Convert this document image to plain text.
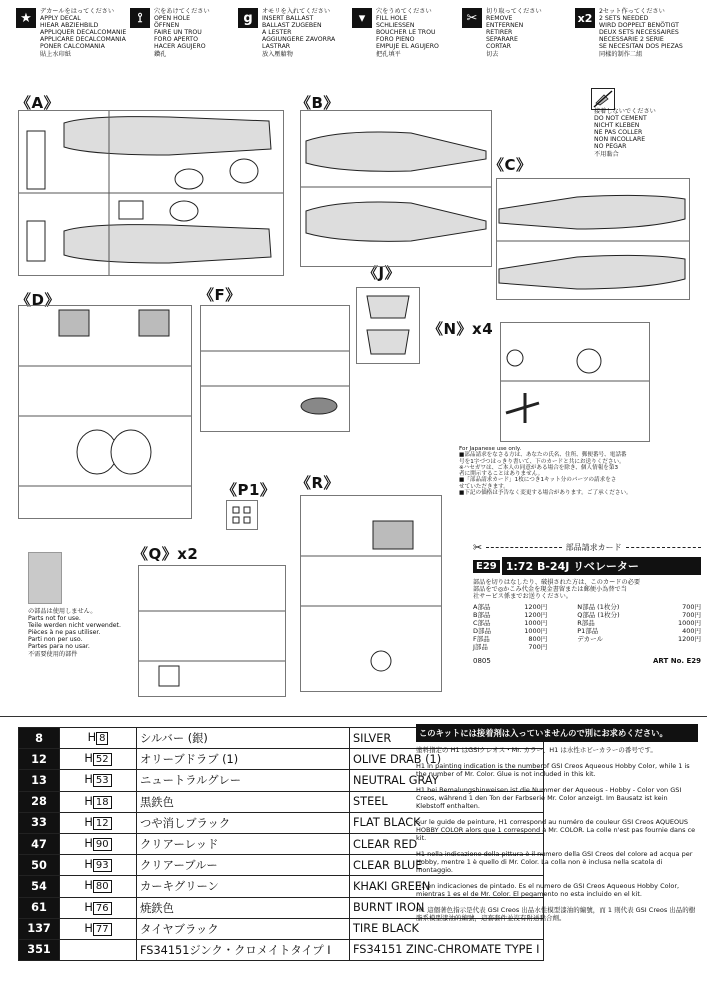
★	デカールをはってください
APPLY DECAL
HIEAR ABZIEHBILD
APPLIQUER DECALCOMANIE
APPLICARE DECALCOMANIA
PONER CALCOMANIA
貼上水印紙
⟟	穴をあけてください
OPEN HOLE
ÖFFNEN
FAIRE UN TROU
FORO APERTO
HACER AGUJERO
鑽孔
g	オモリを入れてください
INSERT BALLAST
BALLAST ZUGEBEN
A LESTER
AGGIUNGERE ZAVORRA
LASTRAR
放入壓艙物
▾	穴をうめてください
FILL HOLE
SCHLIESSEN
BOUCHER LE TROU
FORO PIENO
EMPUJE EL AGUJERO
把孔填平
✂	切り取ってください
REMOVE
ENTFERNEN
RETIRER
SEPARARE
CORTAR
切去
x2	2セット作ってください
2 SETS NEEDED
WIRD DOPPELT BENÖTIGT
DEUX SETS NECESSAIRES
NECESSARIE 2 SERIE
SE NECESITAN DOS PIEZAS
同樣的制作二組
接着しないでください
DO NOT CEMENT
NICHT KLEBEN
NE PAS COLLER
NON INCOLLARE
NO PEGAR
不用黏合
《A》	《B》
《C》
《D》	《F》
《J》
《N》x4
《P1》 《R》
《Q》x2
の部品は使用しません。
Parts not for use.
Teile werden nicht verwendet.
Pièces à ne pas utiliser.
Parti non per uso.
Partes para no usar.
不需要使用的部件
For Japanese use only.
■部品請求をなさる方は、あなたの氏名、住所、郵便番号、電話番
号を1字づつはっきり書いて、下のカードと共にお送りください。
※ハセガワは、ご本人の同意がある場合を除き、個人情報を第3
者に開示することはありません。
■「部品請求カード」1枚につき1キット分のパーツの請求をさ
せていただきます。
■下記の価格は予告なく変更する場合があります。ご了承ください。
✂	部品請求カード
E29 1:72 B-24J リベレーター
部品を切りはなしたり、破損された方は、このカードの必要
部品をで◎かこみ代金を現金書留または郵便小為替で当
社サービス係までお送りください。
A部品	1200円
B部品	1200円
C部品	1000円
D部品	1000円
F部品	800円
J部品	700円
N部品 (1枚分)	700円
Q部品 (1枚分)	700円
R部品	1000円
P1部品	400円
デカール	1200円
0805	ART No. E29
8	H 8	シルバー (銀)	SILVER
12	H 52	オリーブドラブ (1)	OLIVE DRAB (1)
13	H 53	ニュートラルグレー	NEUTRAL GRAY
28	H 18	黒鉄色	STEEL
33	H 12	つや消しブラック	FLAT BLACK
47	H 90	クリアーレッド	CLEAR RED
50	H 93	クリアーブルー	CLEAR BLUE
54	H 80	カーキグリーン	KHAKI GREEN
61	H 76	焼鉄色	BURNT IRON
137	H 77	タイヤブラック	TIRE BLACK
351		FS34151ジンク・クロメイトタイプ I	FS34151 ZINC-CHROMATE TYPE I
このキットには接着剤は入っていませんので別にお求めください。
塗料指定の H1 はGSIクレオス・Mr. カラー、H1 は水性ホビーカラーの番号です。
H1 in painting indication is the numberof GSI Creos Aqueous Hobby Color, while 1 is the number of Mr. Color. Glue is not included in this kit.
H1 bei Bemalungshinweisen ist die Nummer der Aqueous - Hobby - Color von GSI Creos, während 1 den Ton der Farbserie Mr. Color anzeigt. Im Bausatz ist kein Klebstoff enthalten.
Sur le guide de peinture, H1 correspond au numéro de couleur GSI Creos AQUEOUS HOBBY COLOR alors que 1 correspond à Mr. COLOR. La colle n'est pas fournie dans ce kit.
H1 nella indicazione della pittura è il numero della GSI Creos del colore ad acqua per Hobby, mentre 1 è quello di Mr. Color. La colla non è inclusa nella scatola di montaggio.
H1 en indicaciones de pintado. Es el numero de GSI Creos Aqueous Hobby Color, mientras 1 es el de Mr. Color. El pegamento no esta incluido en el kit.
H1 這個著色指示是代表 GSI Creos 出品水性模型漆油的編號，而 1 則代表 GSI Creos 出品的樹脂系模型漆油的編號，這套套件並沒有附送黏合劑。
